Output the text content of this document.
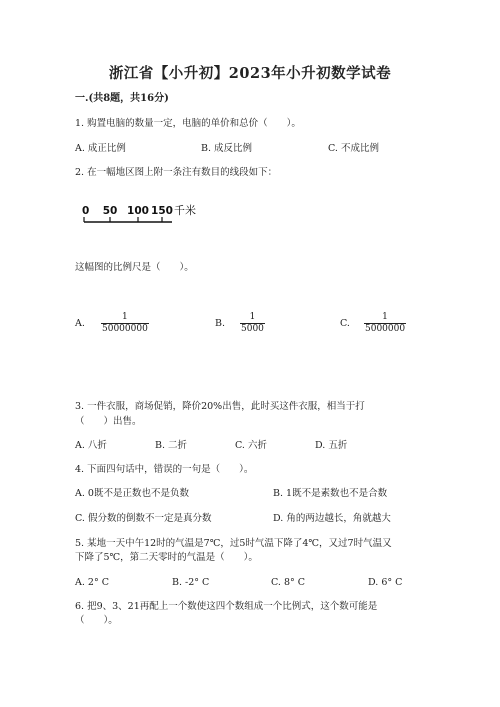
浙江省【小升初】2023年小升初数学试卷
一.(共8题，共16分)
1. 购置电脑的数量一定，电脑的单价和总价（　　）。
A. 成正比例	B. 成反比例	C. 不成比例
2. 在一幅地区图上附一条注有数目的线段如下：
0 50 100 150 千米
这幅图的比例尺是（　　）。
A. $\frac{1}{50000000}$	B. $\frac{1}{5000}$	C. $\frac{1}{5000000}$
3. 一件衣服，商场促销，降价20%出售，此时买这件衣服，相当于打
（　　）出售。
A. 八折	B. 二折	C. 六折	D. 五折
4. 下面四句话中，错误的一句是（　　）。
A. 0既不是正数也不是负数	B. 1既不是素数也不是合数
C. 假分数的倒数不一定是真分数	D. 角的两边越长，角就越大
5. 某地一天中午12时的气温是7℃，过5时气温下降了4℃，又过7时气温又
下降了5℃，第二天零时的气温是（　　）。
A. 2° C	B. -2° C	C. 8° C	D. 6° C
6. 把9、3、21再配上一个数使这四个数组成一个比例式，这个数可能是
（　　）。
